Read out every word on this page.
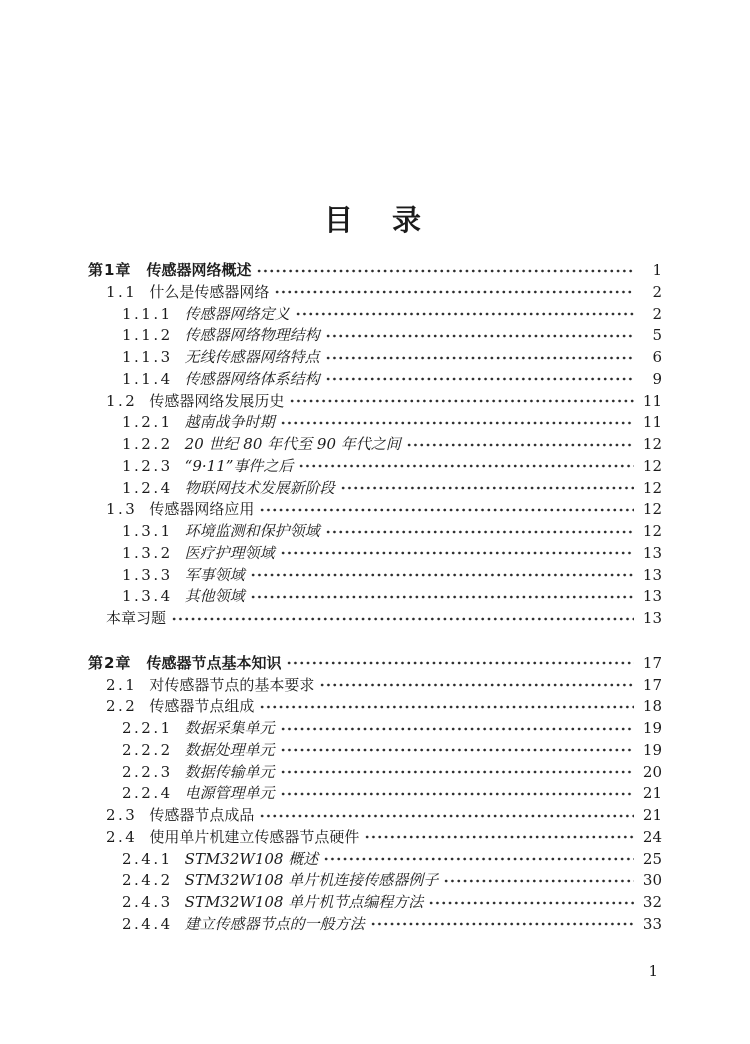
目　录
第1章 传感器网络概述	1
1.1 什么是传感器网络	2
1.1.1 传感器网络定义	2
1.1.2 传感器网络物理结构	5
1.1.3 无线传感器网络特点	6
1.1.4 传感器网络体系结构	9
1.2 传感器网络发展历史	11
1.2.1 越南战争时期	11
1.2.2 20 世纪 80 年代至 90 年代之间	12
1.2.3 “9·11”事件之后	12
1.2.4 物联网技术发展新阶段	12
1.3 传感器网络应用	12
1.3.1 环境监测和保护领域	12
1.3.2 医疗护理领域	13
1.3.3 军事领域	13
1.3.4 其他领域	13
本章习题	13
第2章 传感器节点基本知识	17
2.1 对传感器节点的基本要求	17
2.2 传感器节点组成	18
2.2.1 数据采集单元	19
2.2.2 数据处理单元	19
2.2.3 数据传输单元	20
2.2.4 电源管理单元	21
2.3 传感器节点成品	21
2.4 使用单片机建立传感器节点硬件	24
2.4.1 STM32W108 概述	25
2.4.2 STM32W108 单片机连接传感器例子	30
2.4.3 STM32W108 单片机节点编程方法	32
2.4.4 建立传感器节点的一般方法	33
1
